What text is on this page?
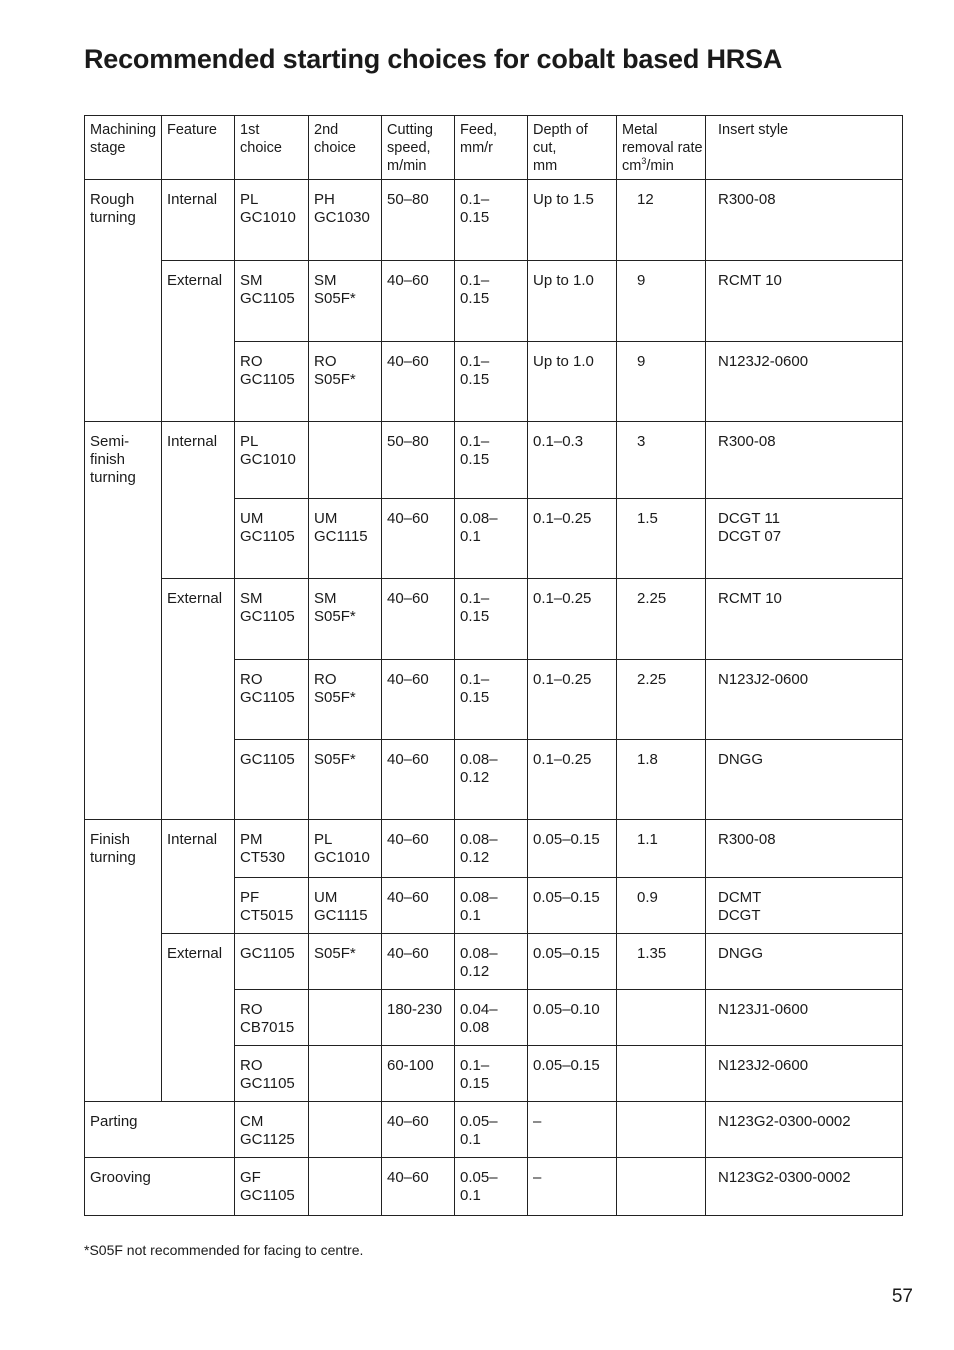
Recommended starting choices for cobalt based HRSA
Machining
stage	Feature	1st
choice	2nd
choice	Cutting
speed,
m/min	Feed,
mm/r	Depth of
cut,
mm	Metal
removal rate
$cm^3/\min$	Insert style

Rough
turning	Internal	PL
GC1010	PH
GC1030	50–80	0.1–
0.15	Up to 1.5	12	R300-08

	External	SM
GC1105	SM
S05F*	40–60	0.1–
0.15	Up to 1.0	9	RCMT 10

		RO
GC1105	RO
S05F*	40–60	0.1–
0.15	Up to 1.0	9	N123J2-0600

Semi-
finish
turning	Internal	PL
GC1010		50–80	0.1–
0.15	0.1–0.3	3	R300-08

		UM
GC1105	UM
GC1115	40–60	0.08–
0.1	0.1–0.25	1.5	DCGT 11
DCGT 07

	External	SM
GC1105	SM
S05F*	40–60	0.1–
0.15	0.1–0.25	2.25	RCMT 10

		RO
GC1105	RO
S05F*	40–60	0.1–
0.15	0.1–0.25	2.25	N123J2-0600

		GC1105	S05F*	40–60	0.08–
0.12	0.1–0.25	1.8	DNGG

Finish
turning	Internal	PM
CT530	PL
GC1010	40–60	0.08–
0.12	0.05–0.15	1.1	R300-08

		PF
CT5015	UM
GC1115	40–60	0.08–
0.1	0.05–0.15	0.9	DCMT
DCGT

	External	GC1105	S05F*	40–60	0.08–
0.12	0.05–0.15	1.35	DNGG

		RO
CB7015		180-230	0.04–
0.08	0.05–0.10		N123J1-0600

		RO
GC1105		60-100	0.1–
0.15	0.05–0.15		N123J2-0600

Parting		CM
GC1125		40–60	0.05–
0.1	–		N123G2-0300-0002

Grooving		GF
GC1105		40–60	0.05–
0.1	–		N123G2-0300-0002
*S05F not recommended for facing to centre.
57
